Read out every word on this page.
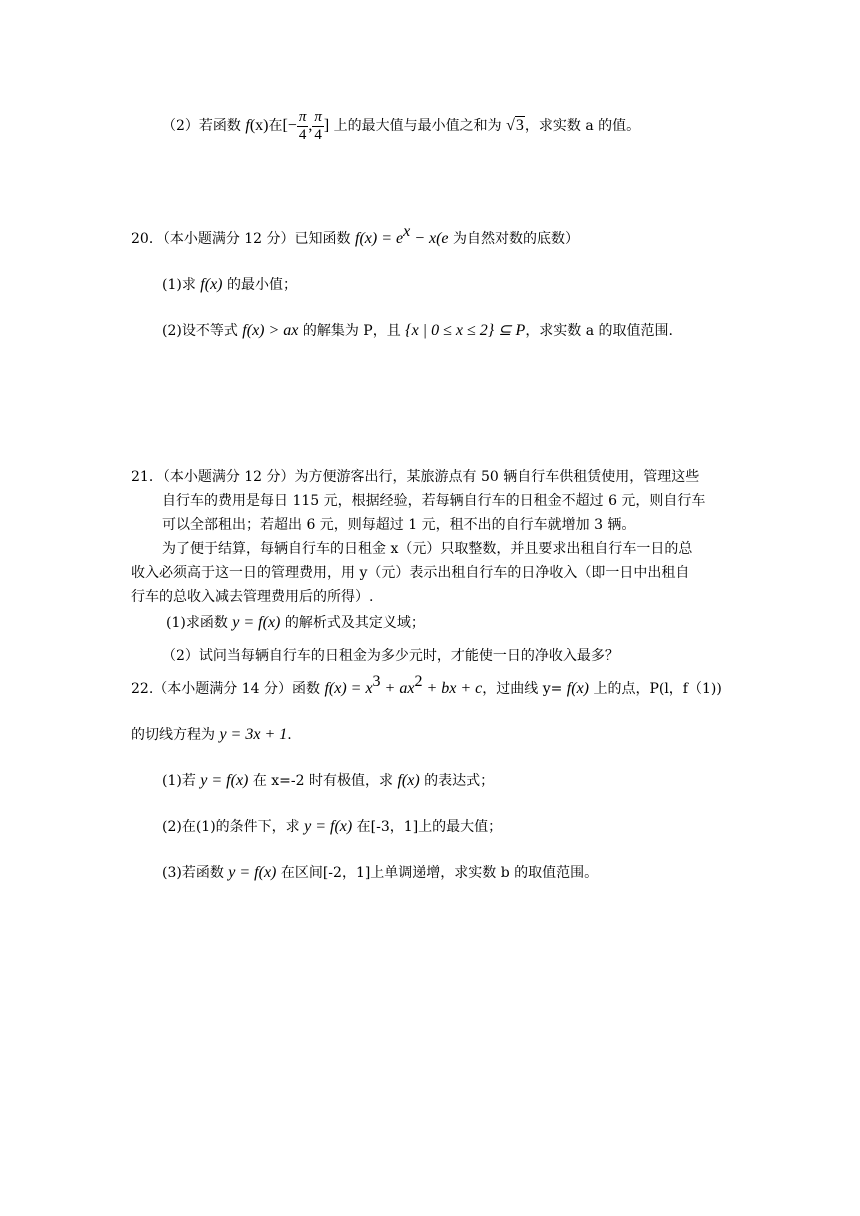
（2）若函数 f(x)在[− $\frac{\pi}{4}$ , $\frac{\pi}{4}$ ] 上的最大值与最小值之和为 √3，求实数 a 的值。
20．（本小题满分 12 分）已知函数 $f(x) = e^x - x(e$ 为自然对数的底数）
(1)求 f(x) 的最小值；
(2)设不等式 f(x) > ax 的解集为 P，且 {x | 0 ≤ x ≤ 2} ⊆ P，求实数 a 的取值范围.
21．（本小题满分 12 分）为方便游客出行，某旅游点有 50 辆自行车供租赁使用，管理这些
自行车的费用是每日 115 元，根据经验，若每辆自行车的日租金不超过 6 元，则自行车
可以全部租出；若超出 6 元，则每超过 1 元，租不出的自行车就增加 3 辆。
为了便于结算，每辆自行车的日租金 x（元）只取整数，并且要求出租自行车一日的总
收入必须高于这一日的管理费用，用 y（元）表示出租自行车的日净收入（即一日中出租自
行车的总收入减去管理费用后的所得）.
(1)求函数 y = f(x) 的解析式及其定义域；
（2）试问当每辆自行车的日租金为多少元时，才能使一日的净收入最多？
22.（本小题满分 14 分）函数 $f(x) = x^3 + ax^2$ + bx + c，过曲线 y= f(x) 上的点，P(l，f（1))
的切线方程为 y = 3x + 1.
(1)若 y = f(x) 在 x=-2 时有极值，求 f(x) 的表达式；
(2)在(1)的条件下，求 y = f(x) 在[-3，1]上的最大值；
(3)若函数 y = f(x) 在区间[-2，1]上单调递增，求实数 b 的取值范围。
